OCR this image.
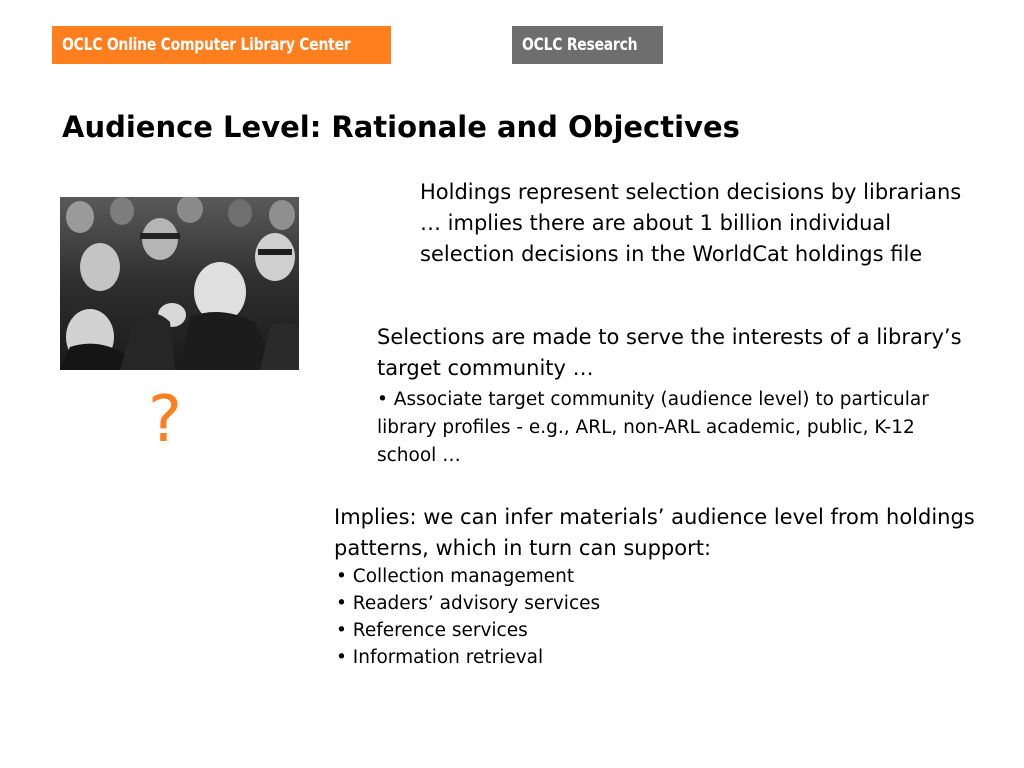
OCLC Online Computer Library Center	OCLC Research
Audience Level: Rationale and Objectives
?

Holdings represent selection decisions by librarians … implies there are about 1 billion individual selection decisions in the WorldCat holdings file

Selections are made to serve the interests of a library’s target community …

• Associate target community (audience level) to particular library profiles - e.g., ARL, non-ARL academic, public, K-12 school …

Implies: we can infer materials’ audience level from holdings patterns, which in turn can support:

• Collection management
• Readers’ advisory services
• Reference services
• Information retrieval
